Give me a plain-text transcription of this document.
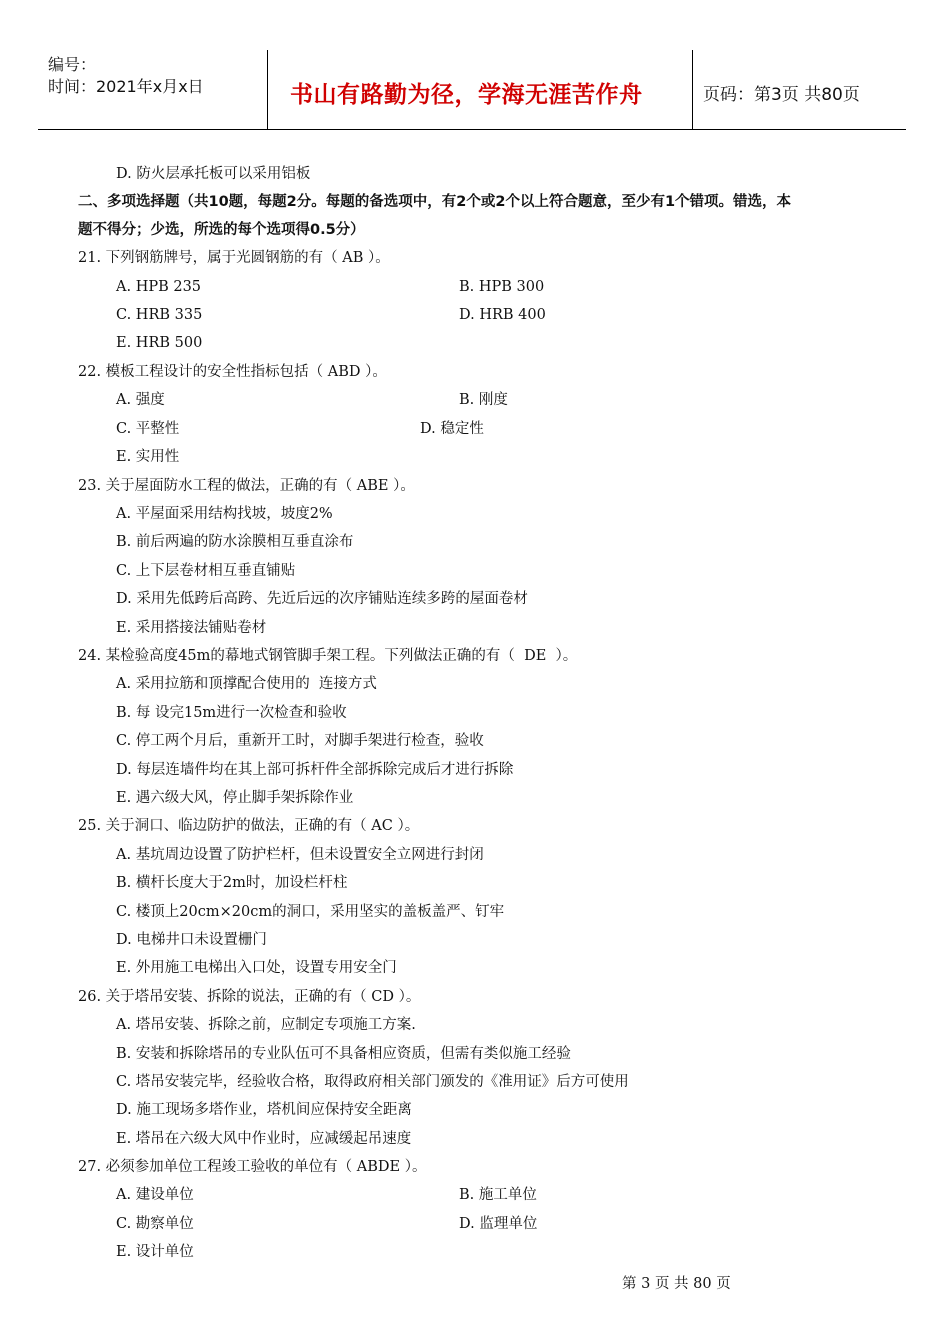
编号：
时间：2021年x月x日	书山有路勤为径，学海无涯苦作舟	页码：第3页 共80页
D. 防火层承托板可以采用铝板
二、多项选择题（共10题，每题2分。每题的备选项中，有2个或2个以上符合题意，至少有1个错项。错选，本
题不得分；少选，所选的每个选项得0.5分）
21. 下列钢筋牌号，属于光圆钢筋的有（ AB ）。
A. HPB 235	B. HPB 300
C. HRB 335	D. HRB 400
E. HRB 500
22. 模板工程设计的安全性指标包括（ ABD ）。
A. 强度	B. 刚度
C. 平整性	D. 稳定性
E. 实用性
23. 关于屋面防水工程的做法，正确的有（ ABE ）。
A. 平屋面采用结构找坡，坡度2%
B. 前后两遍的防水涂膜相互垂直涂布
C. 上下层卷材相互垂直铺贴
D. 采用先低跨后高跨、先近后远的次序铺贴连续多跨的屋面卷材
E. 采用搭接法铺贴卷材
24. 某检验高度45m的幕地式钢管脚手架工程。下列做法正确的有（  DE  ）。
A. 采用拉筋和顶撑配合使用的  连接方式
B. 每 设完15m进行一次检查和验收
C. 停工两个月后，重新开工时，对脚手架进行检查，验收
D. 每层连墙件均在其上部可拆杆件全部拆除完成后才进行拆除
E. 遇六级大风，停止脚手架拆除作业
25. 关于洞口、临边防护的做法，正确的有（ AC ）。
A. 基坑周边设置了防护栏杆，但未设置安全立网进行封闭
B. 横杆长度大于2m时，加设栏杆柱
C. 楼顶上20cm×20cm的洞口，采用坚实的盖板盖严、钉牢
D. 电梯井口未设置栅门
E. 外用施工电梯出入口处，设置专用安全门
26. 关于塔吊安装、拆除的说法，正确的有（ CD ）。
A. 塔吊安装、拆除之前，应制定专项施工方案.
B. 安装和拆除塔吊的专业队伍可不具备相应资质，但需有类似施工经验
C. 塔吊安装完毕，经验收合格，取得政府相关部门颁发的《准用证》后方可使用
D. 施工现场多塔作业，塔机间应保持安全距离
E. 塔吊在六级大风中作业时，应减缓起吊速度
27. 必须参加单位工程竣工验收的单位有（ ABDE ）。
A. 建设单位	B. 施工单位
C. 勘察单位	D. 监理单位
E. 设计单位
第 3 页 共 80 页
